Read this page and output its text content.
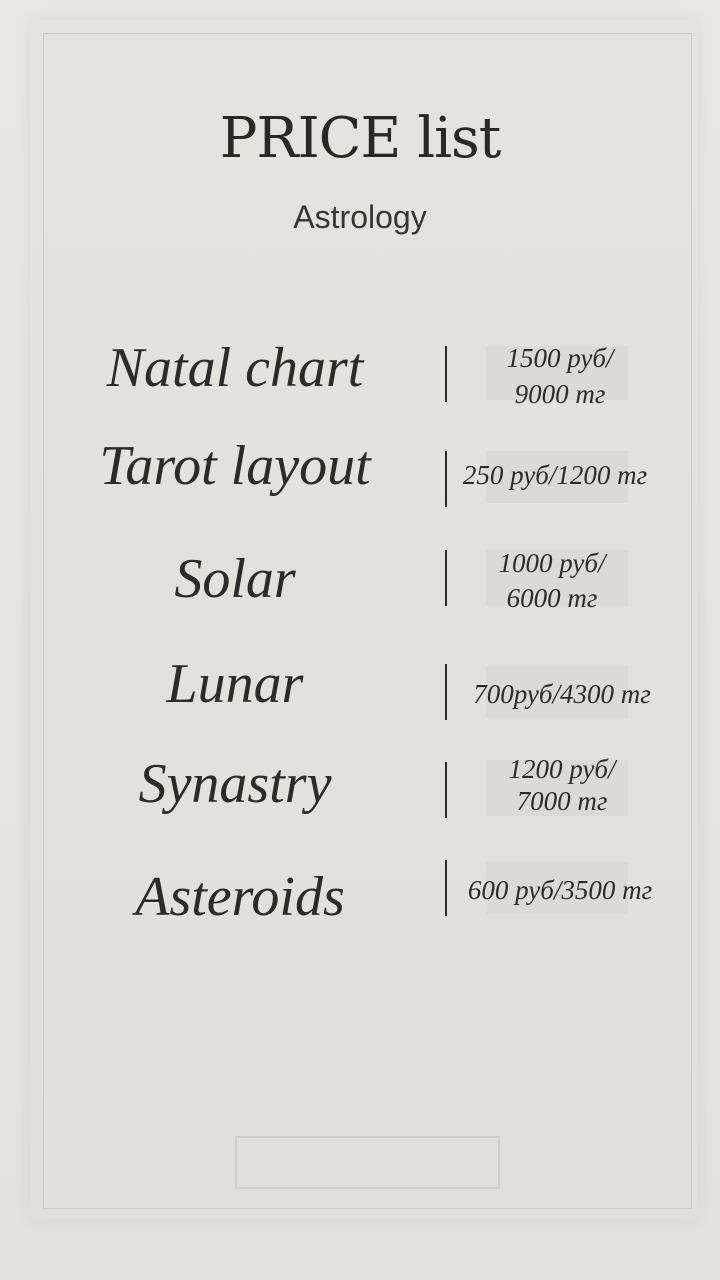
PRICE list
Astrology
Natal chart	1500 руб/
9000 тг
Tarot layout	250 руб/1200 тг
Solar	1000 руб/
6000 тг
Lunar	700руб/4300 тг
Synastry	1200 руб/
7000 тг
Asteroids	600 руб/3500 тг
